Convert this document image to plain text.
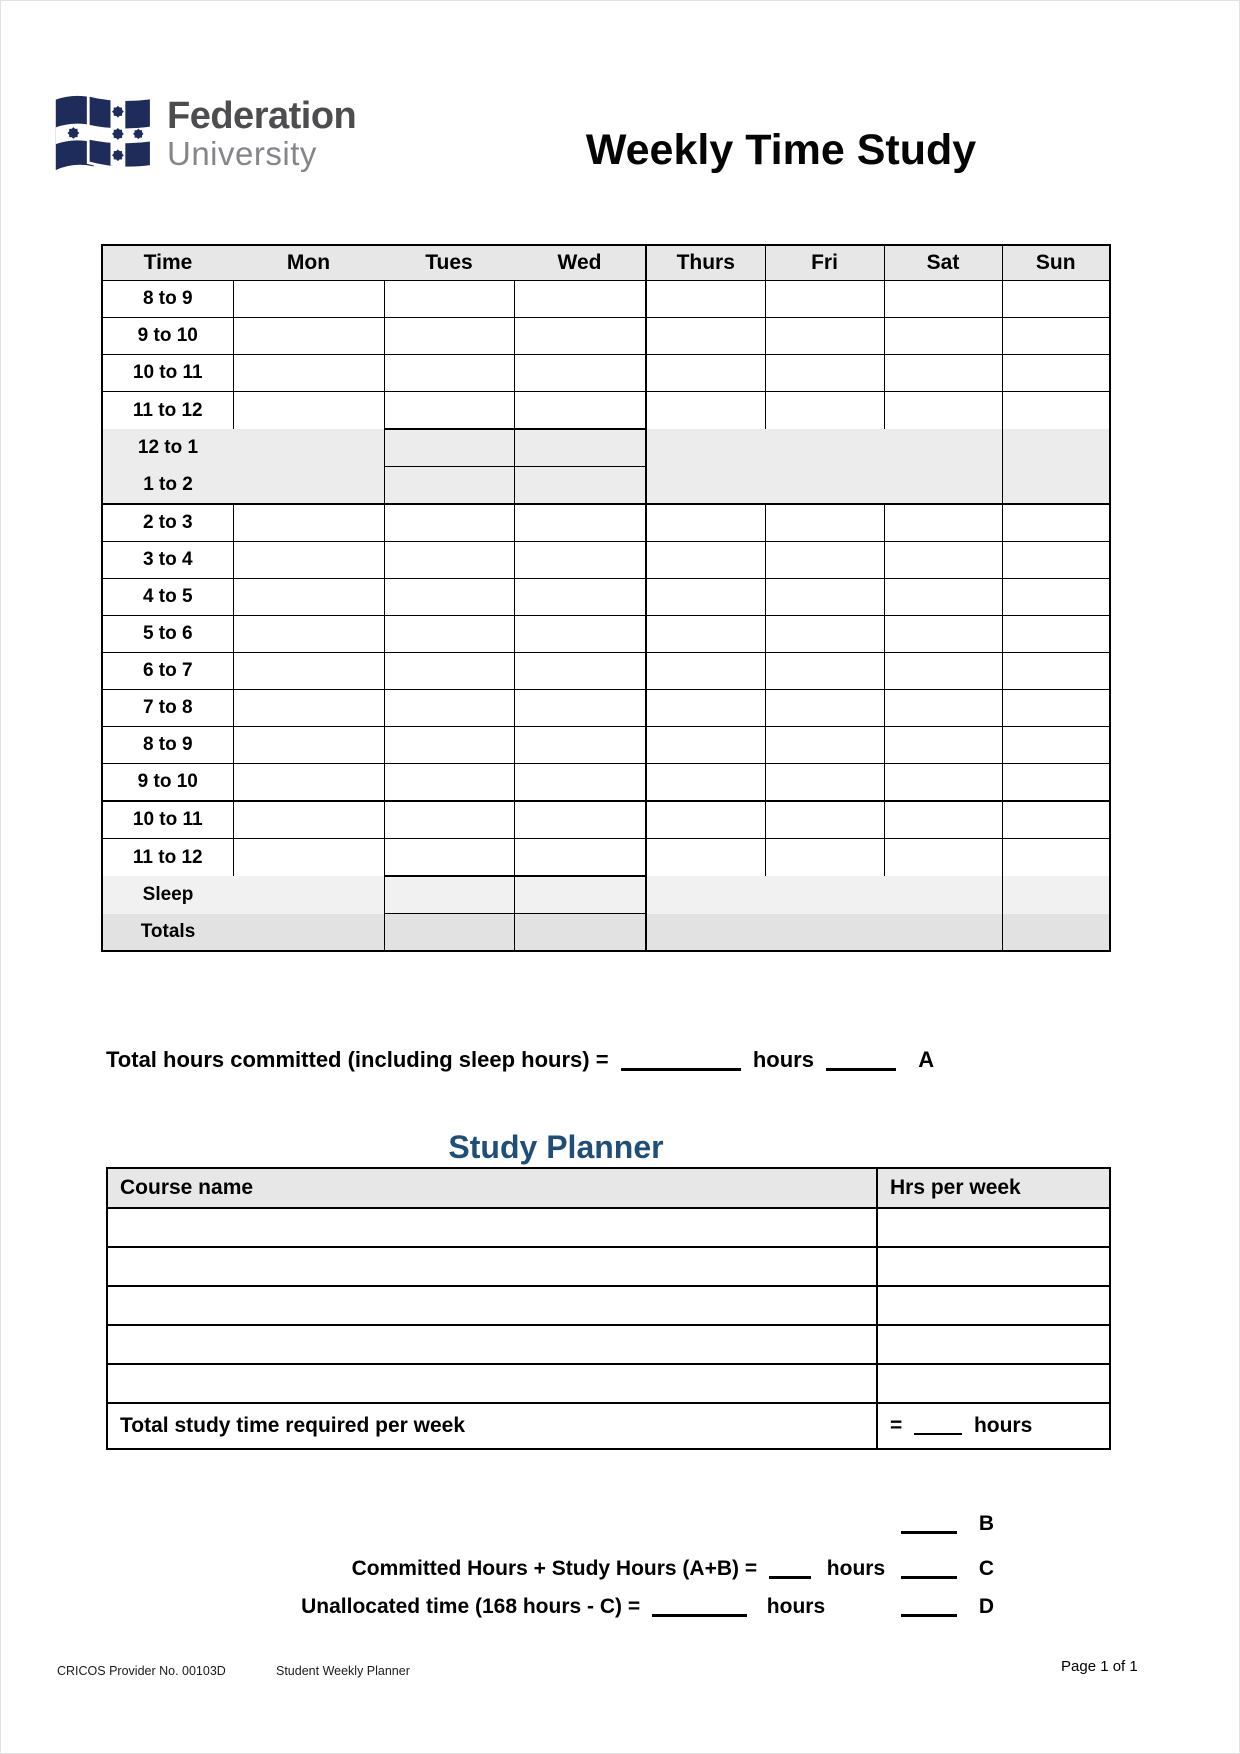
Federation
University	Weekly Time Study
Time	Mon	Tues	Wed	Thurs	Fri	Sat	Sun
8 to 9							
9 to 10							
10 to 11							
11 to 12							
12 to 1							
1 to 2							
2 to 3							
3 to 4							
4 to 5							
5 to 6							
6 to 7							
7 to 8							
8 to 9							
9 to 10							
10 to 11							
11 to 12							
Sleep							
Totals							
Total hours committed (including sleep hours) =	hours	A
Study Planner
Course name	Hrs per week

Total study time required per week	= hours
B
Committed Hours + Study Hours (A+B) =	hours	C
Unallocated time (168 hours - C) =	hours	D
CRICOS Provider No. 00103D	Student Weekly Planner	Page 1 of 1
